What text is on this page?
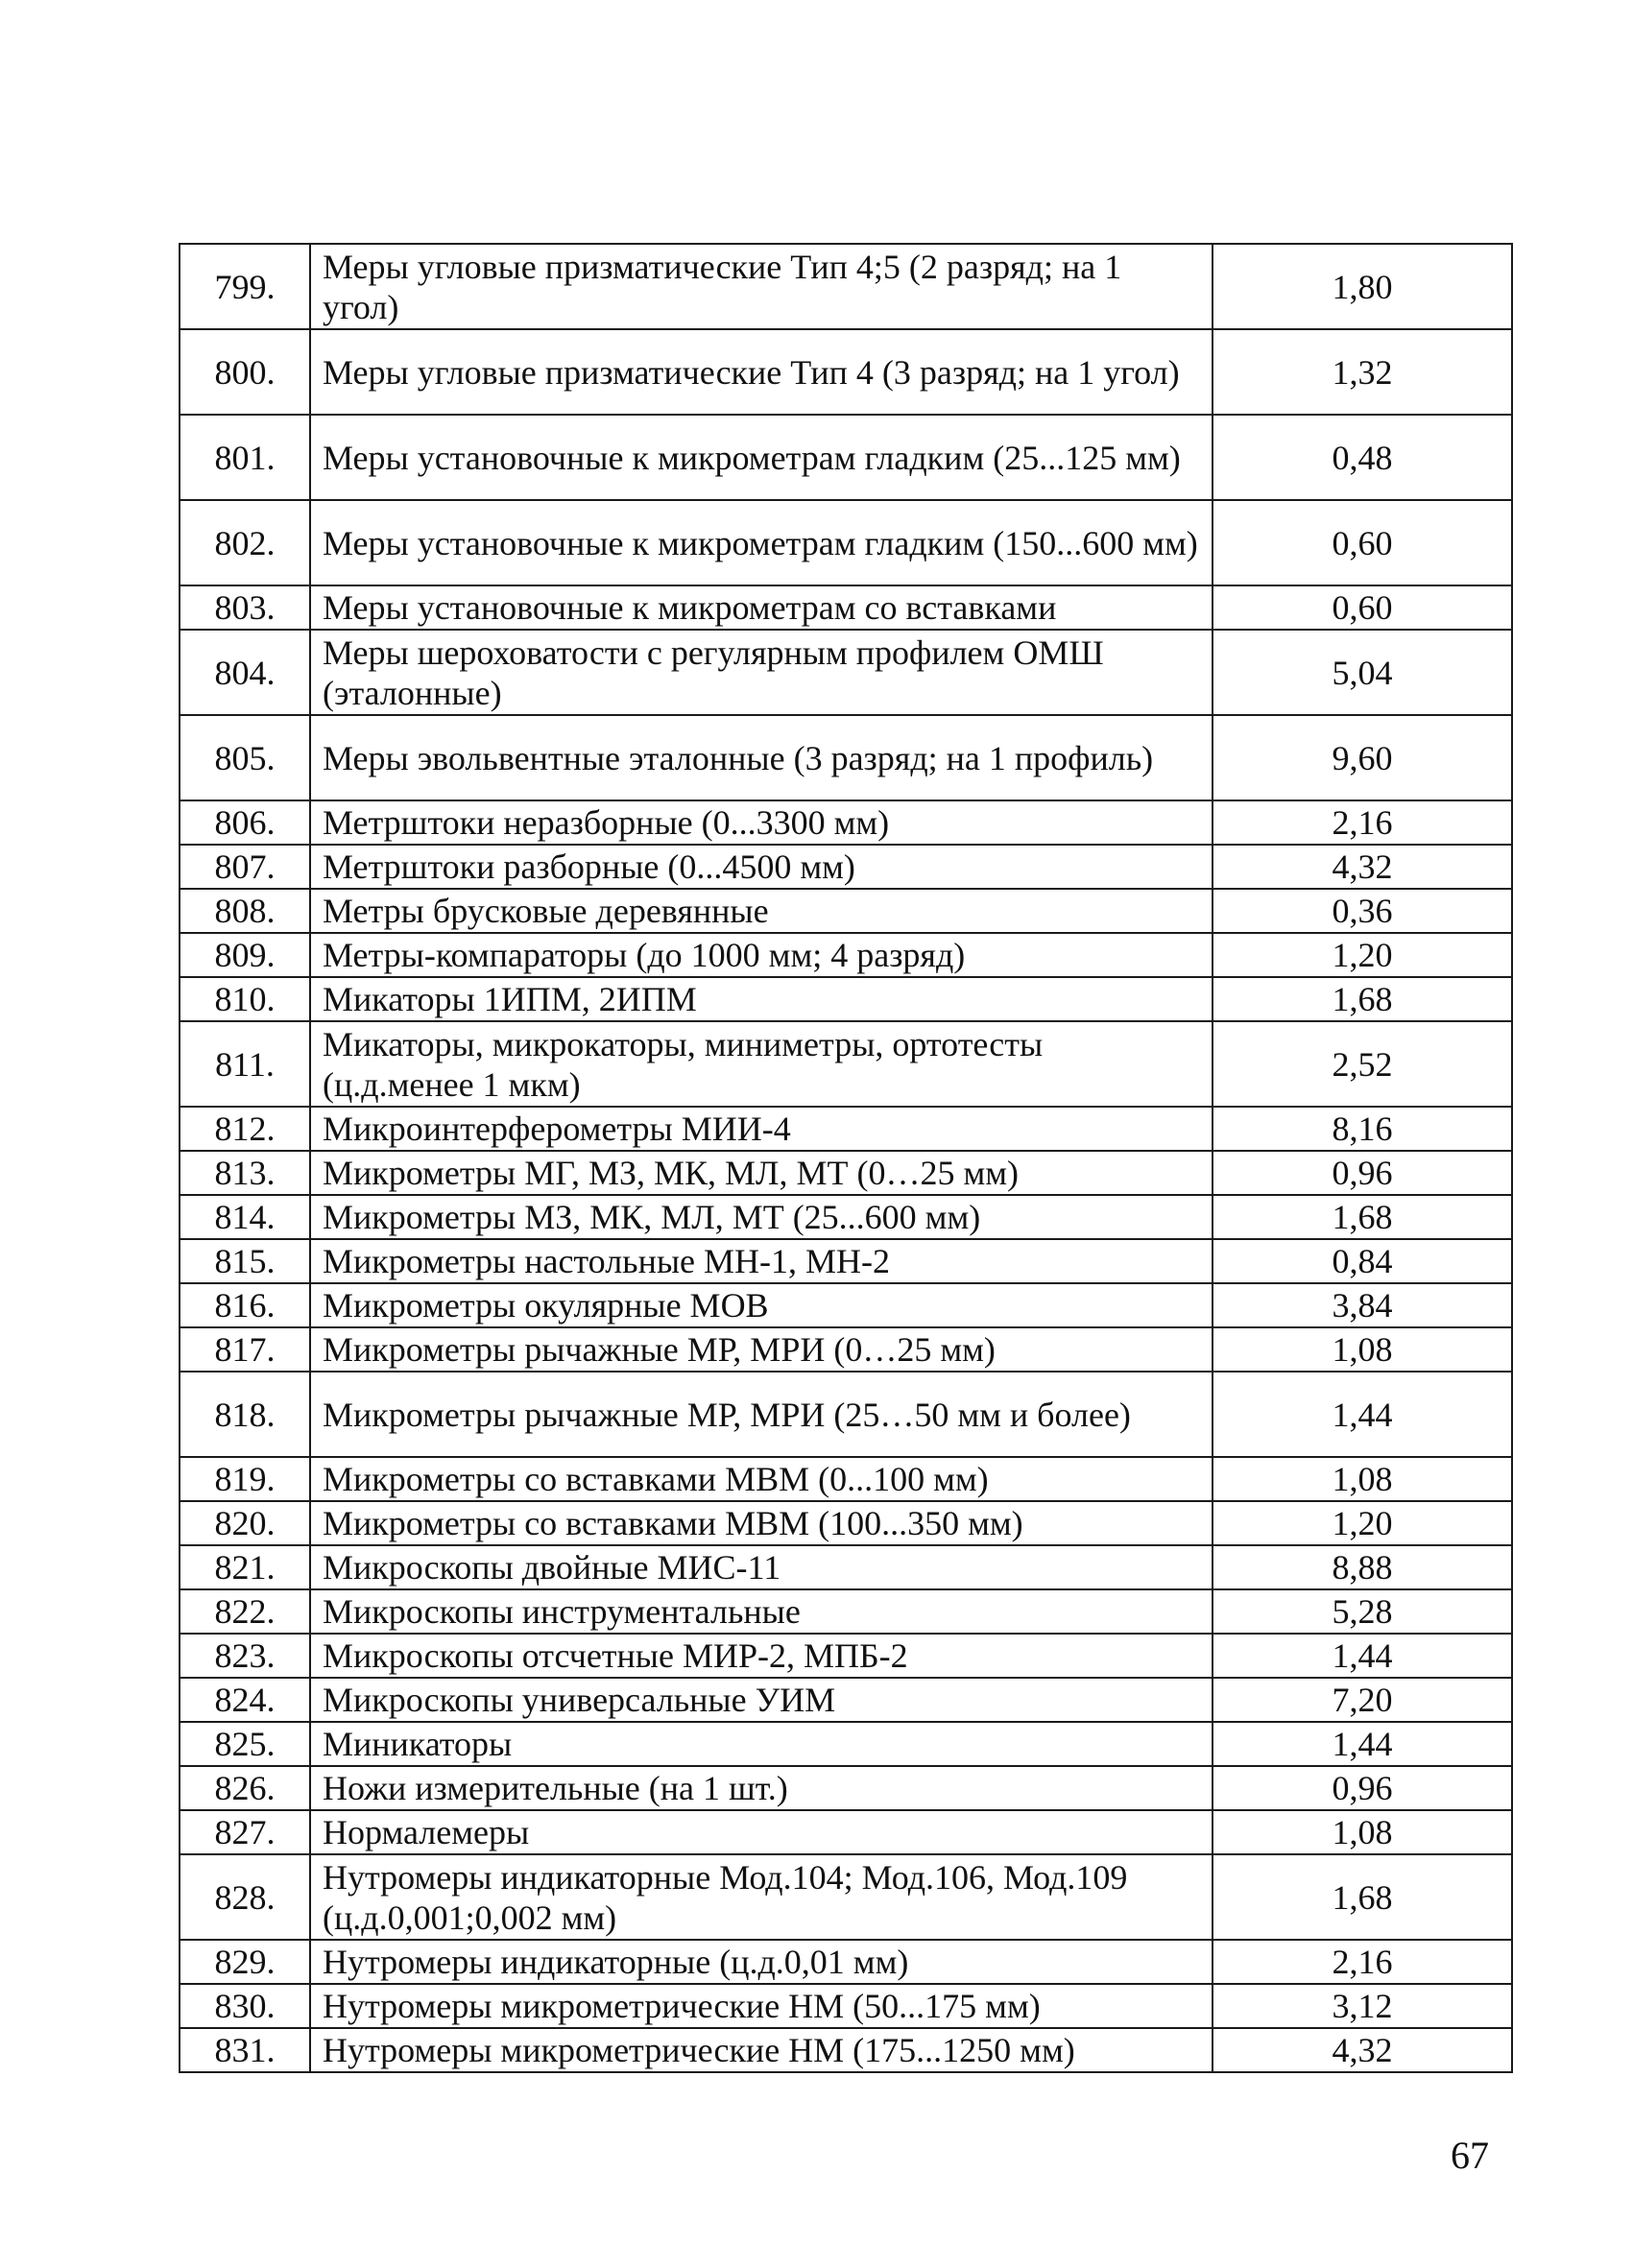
799.	Меры угловые призматические Тип 4;5 (2 разряд; на 1 угол)	1,80
800.	Меры угловые призматические Тип 4 (3 разряд; на 1 угол)	1,32
801.	Меры установочные к микрометрам гладким (25...125 мм)	0,48
802.	Меры установочные к микрометрам гладким (150...600 мм)	0,60
803.	Меры установочные к микрометрам со вставками	0,60
804.	Меры шероховатости с регулярным профилем ОМШ (эталонные)	5,04
805.	Меры эвольвентные эталонные (3 разряд; на 1 профиль)	9,60
806.	Метрштоки неразборные (0...3300 мм)	2,16
807.	Метрштоки разборные (0...4500 мм)	4,32
808.	Метры брусковые деревянные	0,36
809.	Метры-компараторы (до 1000 мм; 4 разряд)	1,20
810.	Микаторы 1ИПМ, 2ИПМ	1,68
811.	Микаторы, микрокаторы, миниметры, ортотесты (ц.д.менее 1 мкм)	2,52
812.	Микроинтерферометры МИИ-4	8,16
813.	Микрометры МГ, МЗ, МК, МЛ, МТ (0…25 мм)	0,96
814.	Микрометры МЗ, МК, МЛ, МТ (25...600 мм)	1,68
815.	Микрометры настольные МН-1, МН-2	0,84
816.	Микрометры окулярные МОВ	3,84
817.	Микрометры рычажные МР, МРИ (0…25 мм)	1,08
818.	Микрометры рычажные МР, МРИ (25…50 мм и более)	1,44
819.	Микрометры со вставками МВМ (0...100 мм)	1,08
820.	Микрометры со вставками МВМ (100...350 мм)	1,20
821.	Микроскопы двойные МИС-11	8,88
822.	Микроскопы инструментальные	5,28
823.	Микроскопы отсчетные МИР-2, МПБ-2	1,44
824.	Микроскопы универсальные УИМ	7,20
825.	Миникаторы	1,44
826.	Ножи измерительные (на 1 шт.)	0,96
827.	Нормалемеры	1,08
828.	Нутромеры индикаторные Мод.104; Мод.106, Мод.109 (ц.д.0,001;0,002 мм)	1,68
829.	Нутромеры индикаторные (ц.д.0,01 мм)	2,16
830.	Нутромеры микрометрические НМ (50...175 мм)	3,12
831.	Нутромеры микрометрические НМ (175...1250 мм)	4,32
67
